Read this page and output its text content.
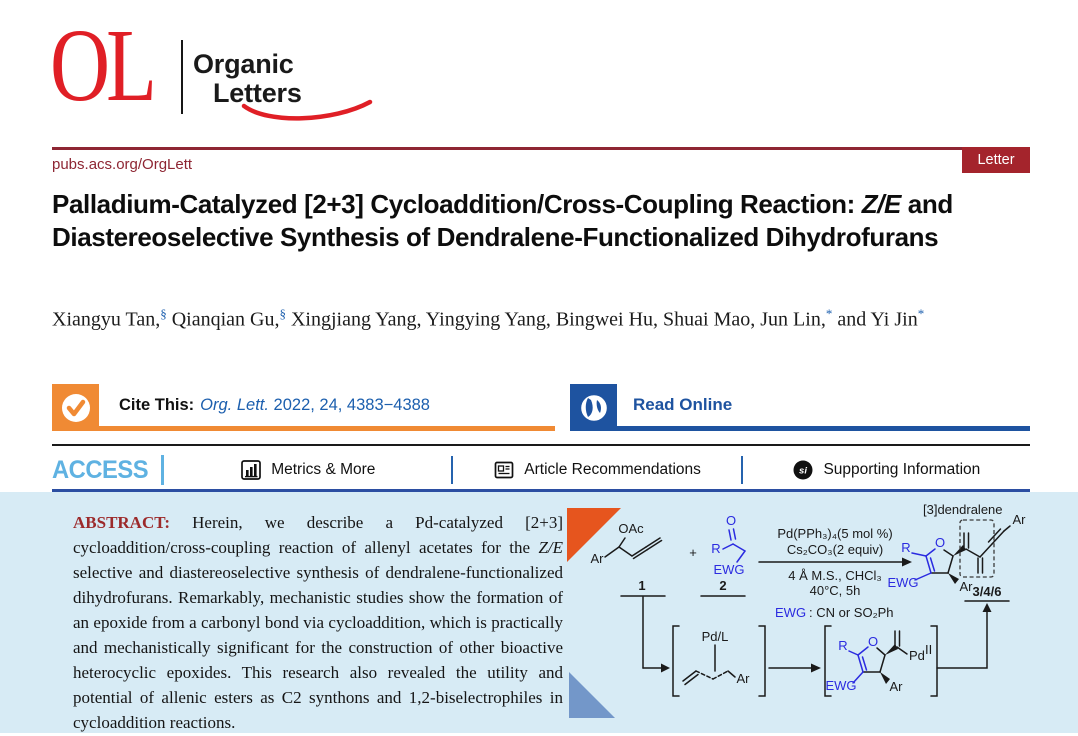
OL Organic
Letters
Letter
pubs.acs.org/OrgLett
Palladium-Catalyzed [2+3] Cycloaddition/Cross-Coupling Reaction: Z/E and Diastereoselective Synthesis of Dendralene-Functionalized Dihydrofurans

Xiangyu Tan,§ Qianqian Gu,§ Xingjiang Yang, Yingying Yang, Bingwei Hu, Shuai Mao, Jun Lin,* and Yi Jin*

Cite This: Org. Lett. 2022, 24, 4383−4388	Read Online
ACCESS	Metrics & More	Article Recommendations	si Supporting Information

ABSTRACT: Herein, we describe a Pd-catalyzed [2+3] cycloaddition/cross-coupling reaction of allenyl acetates for the Z/E selective and diastereoselective synthesis of dendralene-functionalized dihydrofurans. Remarkably, mechanistic studies show the formation of an epoxide from a carbonyl bond via cycloaddition, which is practically and mechanistically significant for the construction of other bioactive heterocyclic epoxides. This research also revealed the utility and potential of allenic esters as C2 synthons and 1,2-biselectrophiles in cycloaddition reactions.

Ar
OAc
1
+ R
O
EWG
2
Pd(PPh₃)₄(5 mol %)
Cs₂CO₃(2 equiv)
4 Å M.S., CHCl₃
40°C, 5h
EWG : CN or SO₂Ph
R O
EWG	Ar
Ar
[3]dendralene
3/4/6
Pd/L
Ar
R O
EWG	Ar
Pd II
